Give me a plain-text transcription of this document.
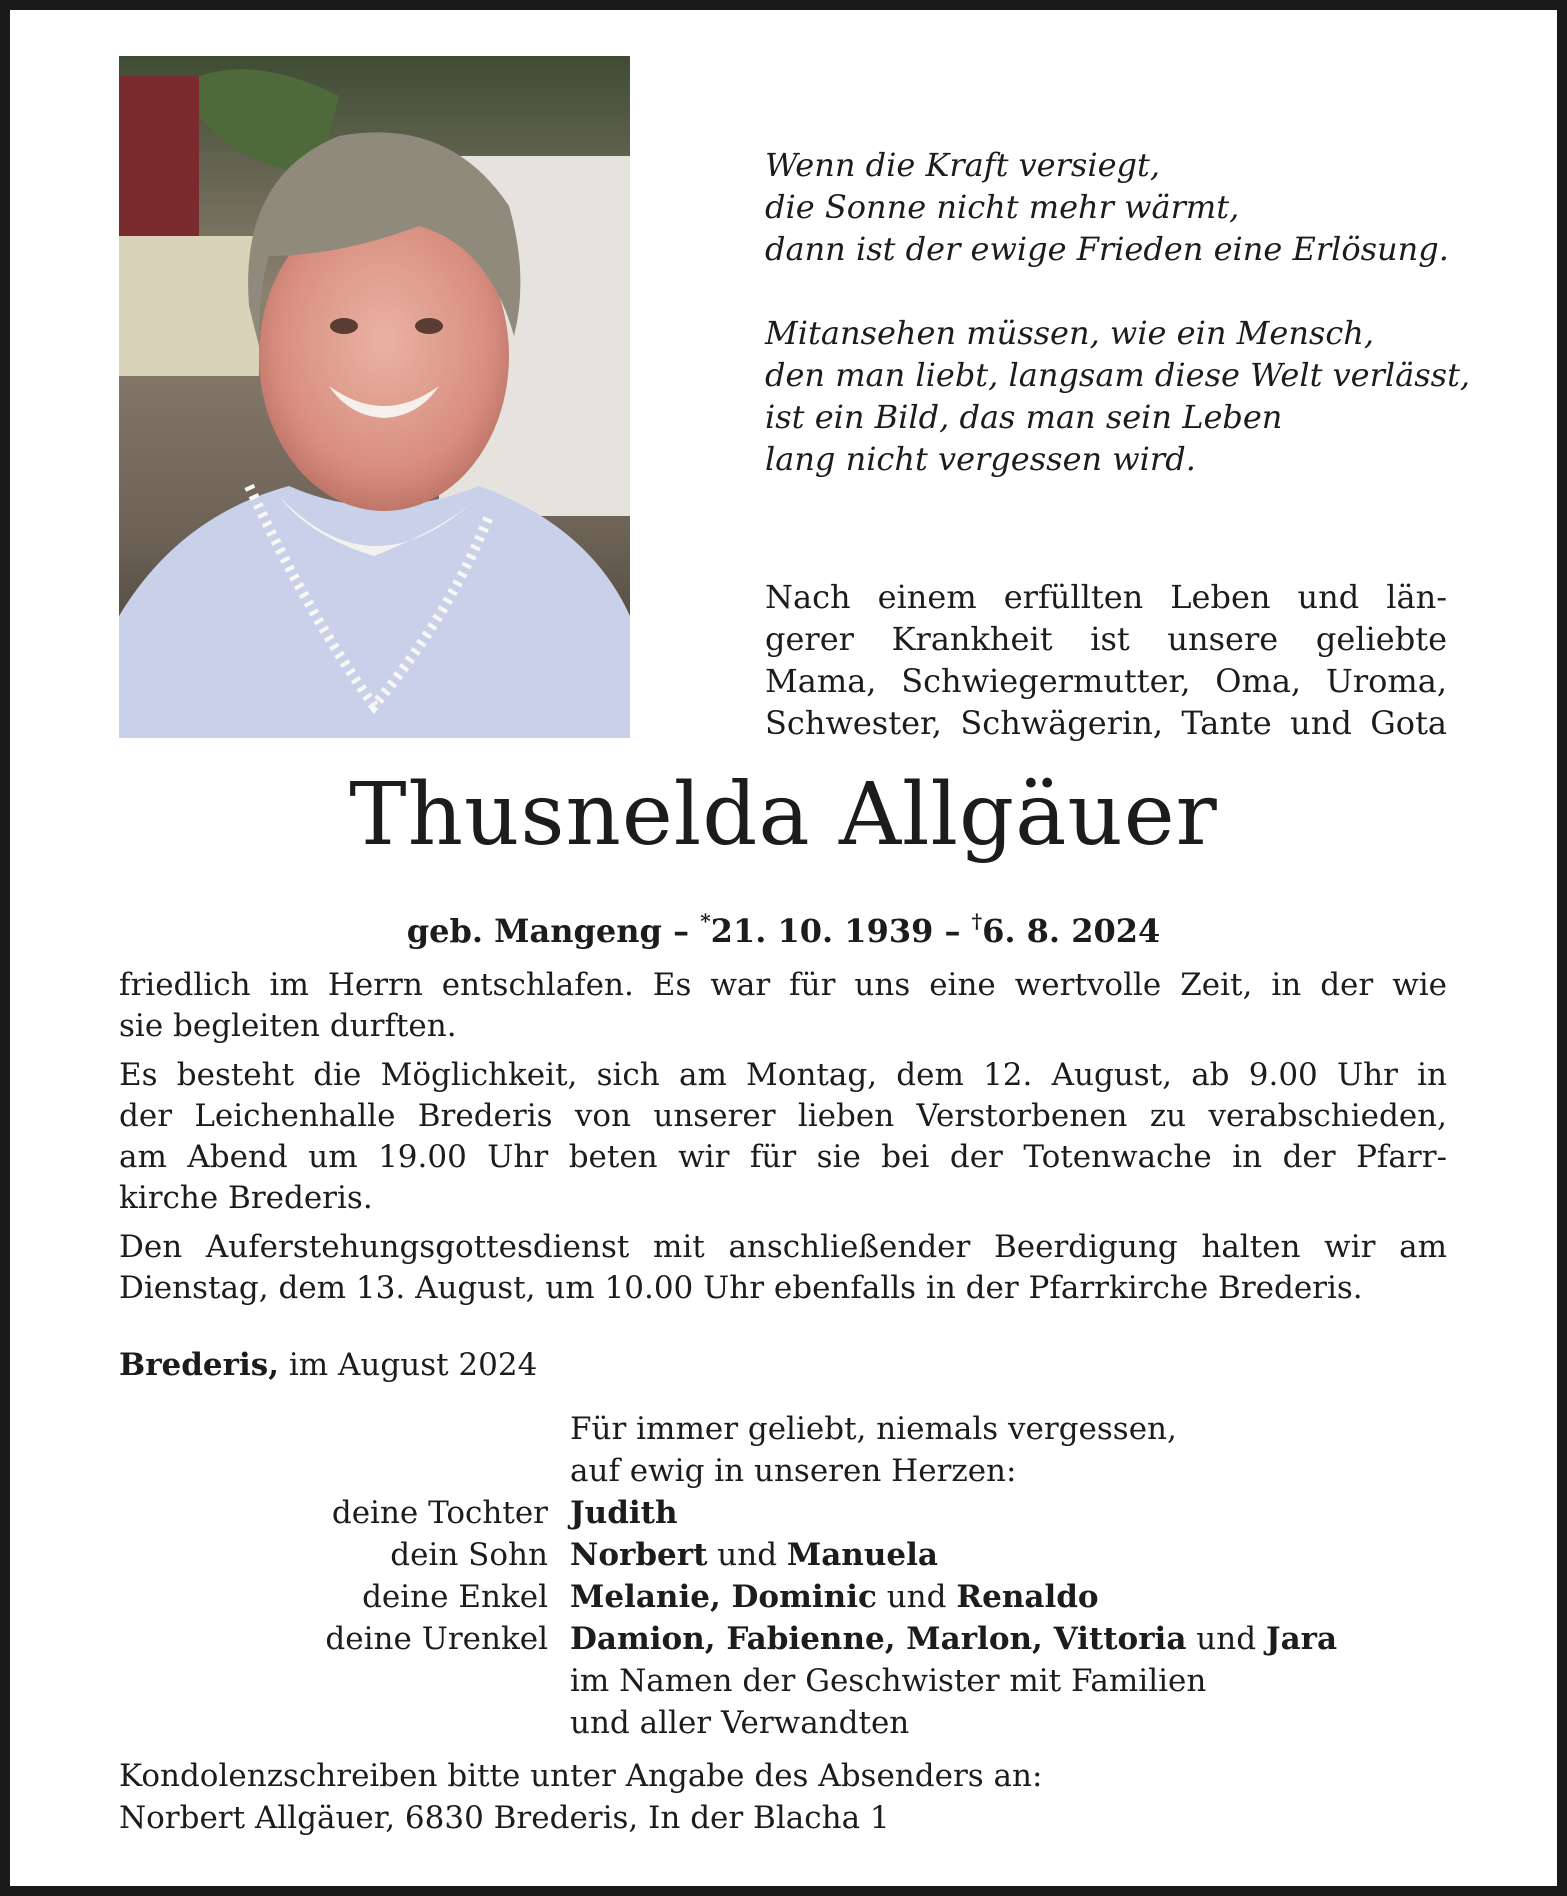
Wenn die Kraft versiegt,
die Sonne nicht mehr wärmt,
dann ist der ewige Frieden eine Erlösung.
Mitansehen müssen, wie ein Mensch,
den man liebt, langsam diese Welt verlässt,
ist ein Bild, das man sein Leben
lang nicht vergessen wird.
Nach einem erfüllten Leben und län-
gerer Krankheit ist unsere geliebte
Mama, Schwiegermutter, Oma, Uroma,
Schwester, Schwägerin, Tante und Gota
Thusnelda Allgäuer
geb. Mangeng – *21. 10. 1939 – †6. 8. 2024

friedlich im Herrn entschlafen. Es war für uns eine wertvolle Zeit, in der wie
sie begleiten durften.

Es besteht die Möglichkeit, sich am Montag, dem 12. August, ab 9.00 Uhr in
der Leichenhalle Brederis von unserer lieben Verstorbenen zu verabschieden,
am Abend um 19.00 Uhr beten wir für sie bei der Totenwache in der Pfarr-
kirche Brederis.

Den Auferstehungsgottesdienst mit anschließender Beerdigung halten wir am
Dienstag, dem 13. August, um 10.00 Uhr ebenfalls in der Pfarrkirche Brederis.

Brederis, im August 2024
Für immer geliebt, niemals vergessen,
auf ewig in unseren Herzen:
deine Tochter Judith
dein Sohn Norbert und Manuela
deine Enkel Melanie, Dominic und Renaldo
deine Urenkel Damion, Fabienne, Marlon, Vittoria und Jara
im Namen der Geschwister mit Familien
und aller Verwandten
Kondolenzschreiben bitte unter Angabe des Absenders an:
Norbert Allgäuer, 6830 Brederis, In der Blacha 1
